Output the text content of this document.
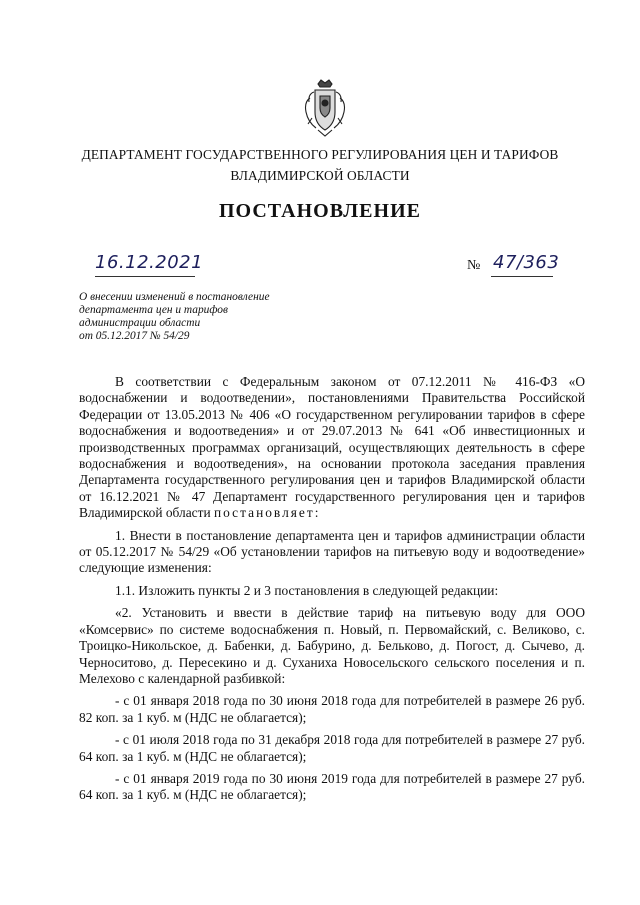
ДЕПАРТАМЕНТ ГОСУДАРСТВЕННОГО РЕГУЛИРОВАНИЯ ЦЕН И ТАРИФОВ
ВЛАДИМИРСКОЙ ОБЛАСТИ
ПОСТАНОВЛЕНИЕ
16.12.2021	№ 47/363
О внесении изменений в постановление
департамента цен и тарифов
администрации области
от 05.12.2017 № 54/29

В соответствии с Федеральным законом от 07.12.2011 № 416-ФЗ «О водоснабжении и водоотведении», постановлениями Правительства Российской Федерации от 13.05.2013 № 406 «О государственном регулировании тарифов в сфере водоснабжения и водоотведения» и от 29.07.2013 № 641 «Об инвестиционных и производственных программах организаций, осуществляющих деятельность в сфере водоснабжения и водоотведения», на основании протокола заседания правления Департамента государственного регулирования цен и тарифов Владимирской области от 16.12.2021 № 47 Департамент государственного регулирования цен и тарифов Владимирской области постановляет:

1. Внести в постановление департамента цен и тарифов администрации области от 05.12.2017 № 54/29 «Об установлении тарифов на питьевую воду и водоотведение» следующие изменения:

1.1. Изложить пункты 2 и 3 постановления в следующей редакции:

«2. Установить и ввести в действие тариф на питьевую воду для ООО «Комсервис» по системе водоснабжения п. Новый, п. Первомайский, с. Великово, с. Троицко-Никольское, д. Бабенки, д. Бабурино, д. Бельково, д. Погост, д. Сычево, д. Черноситово, д. Пересекино и д. Суханиха Новосельского сельского поселения и п. Мелехово с календарной разбивкой:

- с 01 января 2018 года по 30 июня 2018 года для потребителей в размере 26 руб. 82 коп. за 1 куб. м (НДС не облагается);

- с 01 июля 2018 года по 31 декабря 2018 года для потребителей в размере 27 руб. 64 коп. за 1 куб. м (НДС не облагается);

- с 01 января 2019 года по 30 июня 2019 года для потребителей в размере 27 руб. 64 коп. за 1 куб. м (НДС не облагается);
